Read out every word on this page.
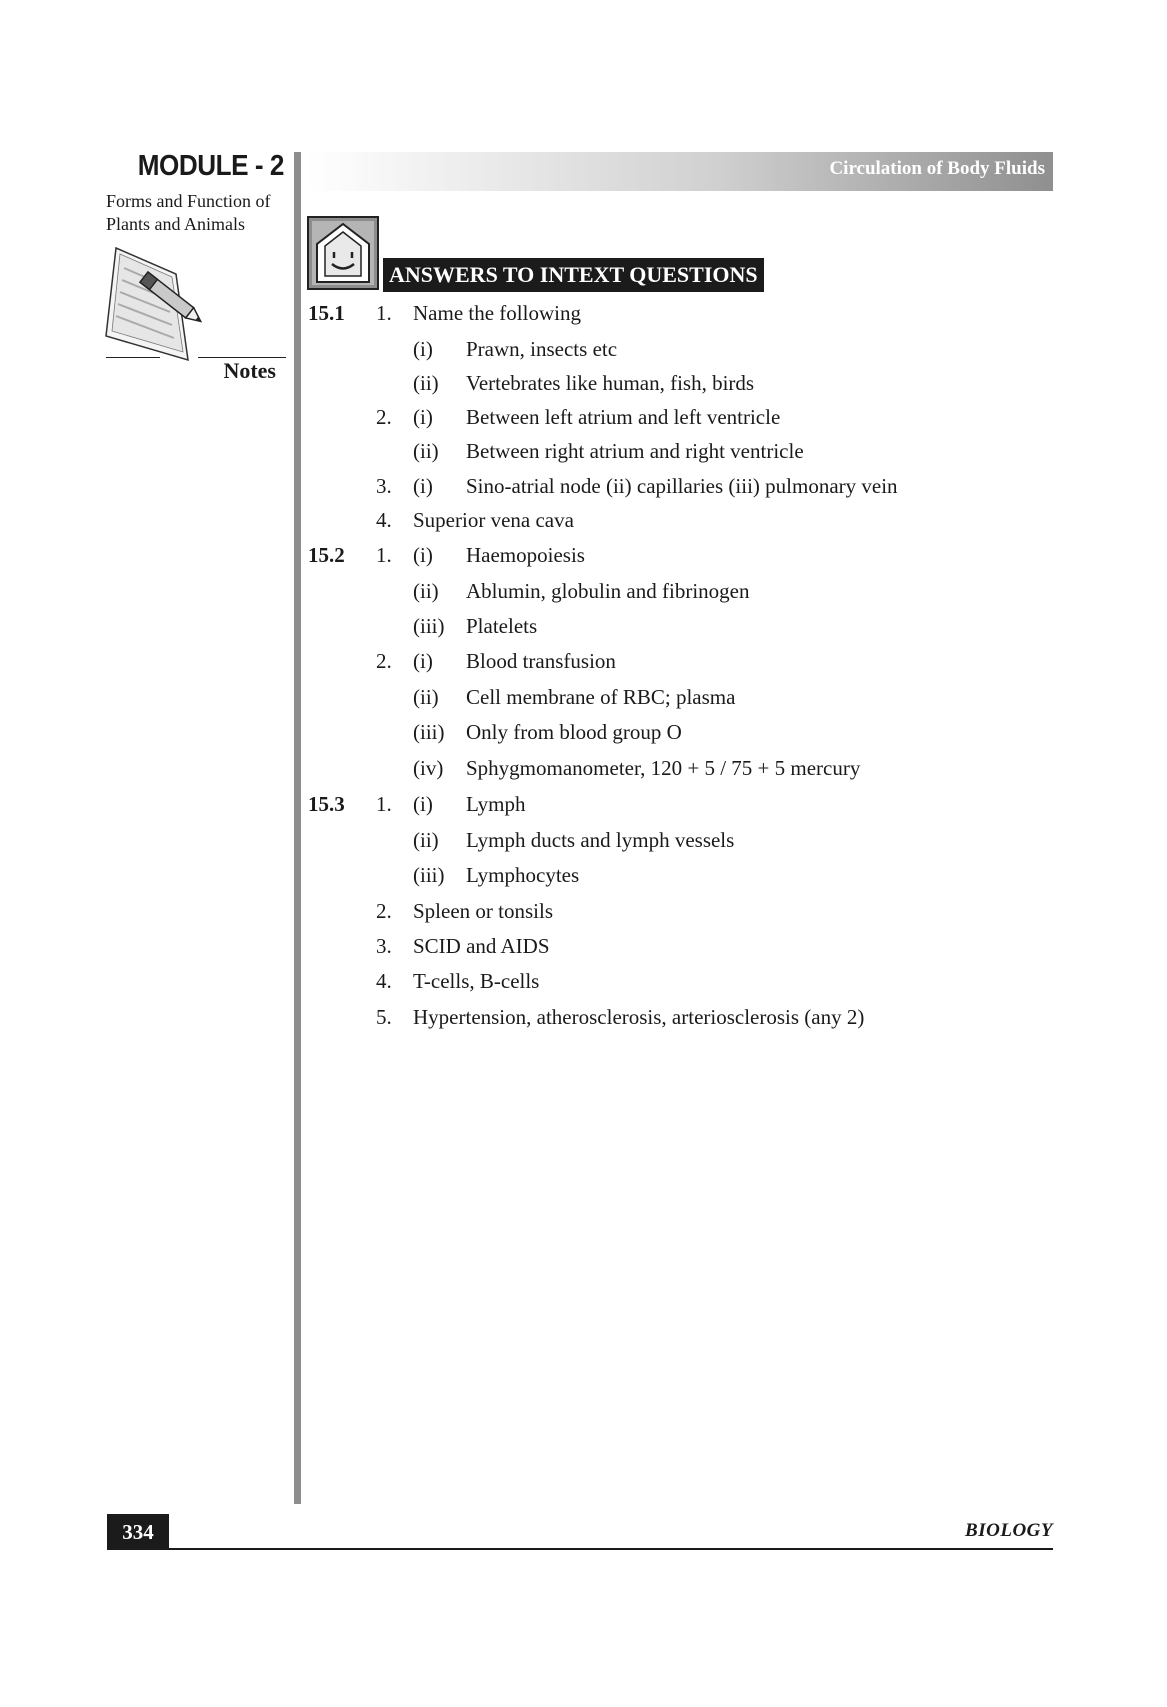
MODULE - 2
Forms and Function of
Plants and Animals
Notes
Circulation of Body Fluids
ANSWERS TO INTEXT QUESTIONS
15.1 1. Name the following
(i) Prawn, insects etc
(ii) Vertebrates like human, fish, birds
2. (i) Between left atrium and left ventricle
(ii) Between right atrium and right ventricle
3. (i) Sino-atrial node (ii) capillaries (iii) pulmonary vein
4. Superior vena cava
15.2 1. (i) Haemopoiesis
(ii) Ablumin, globulin and fibrinogen
(iii) Platelets
2. (i) Blood transfusion
(ii) Cell membrane of RBC; plasma
(iii) Only from blood group O
(iv) Sphygmomanometer, 120 + 5 / 75 + 5 mercury
15.3 1. (i) Lymph
(ii) Lymph ducts and lymph vessels
(iii) Lymphocytes
2. Spleen or tonsils
3. SCID and AIDS
4. T-cells, B-cells
5. Hypertension, atherosclerosis, arteriosclerosis (any 2)
334	BIOLOGY
